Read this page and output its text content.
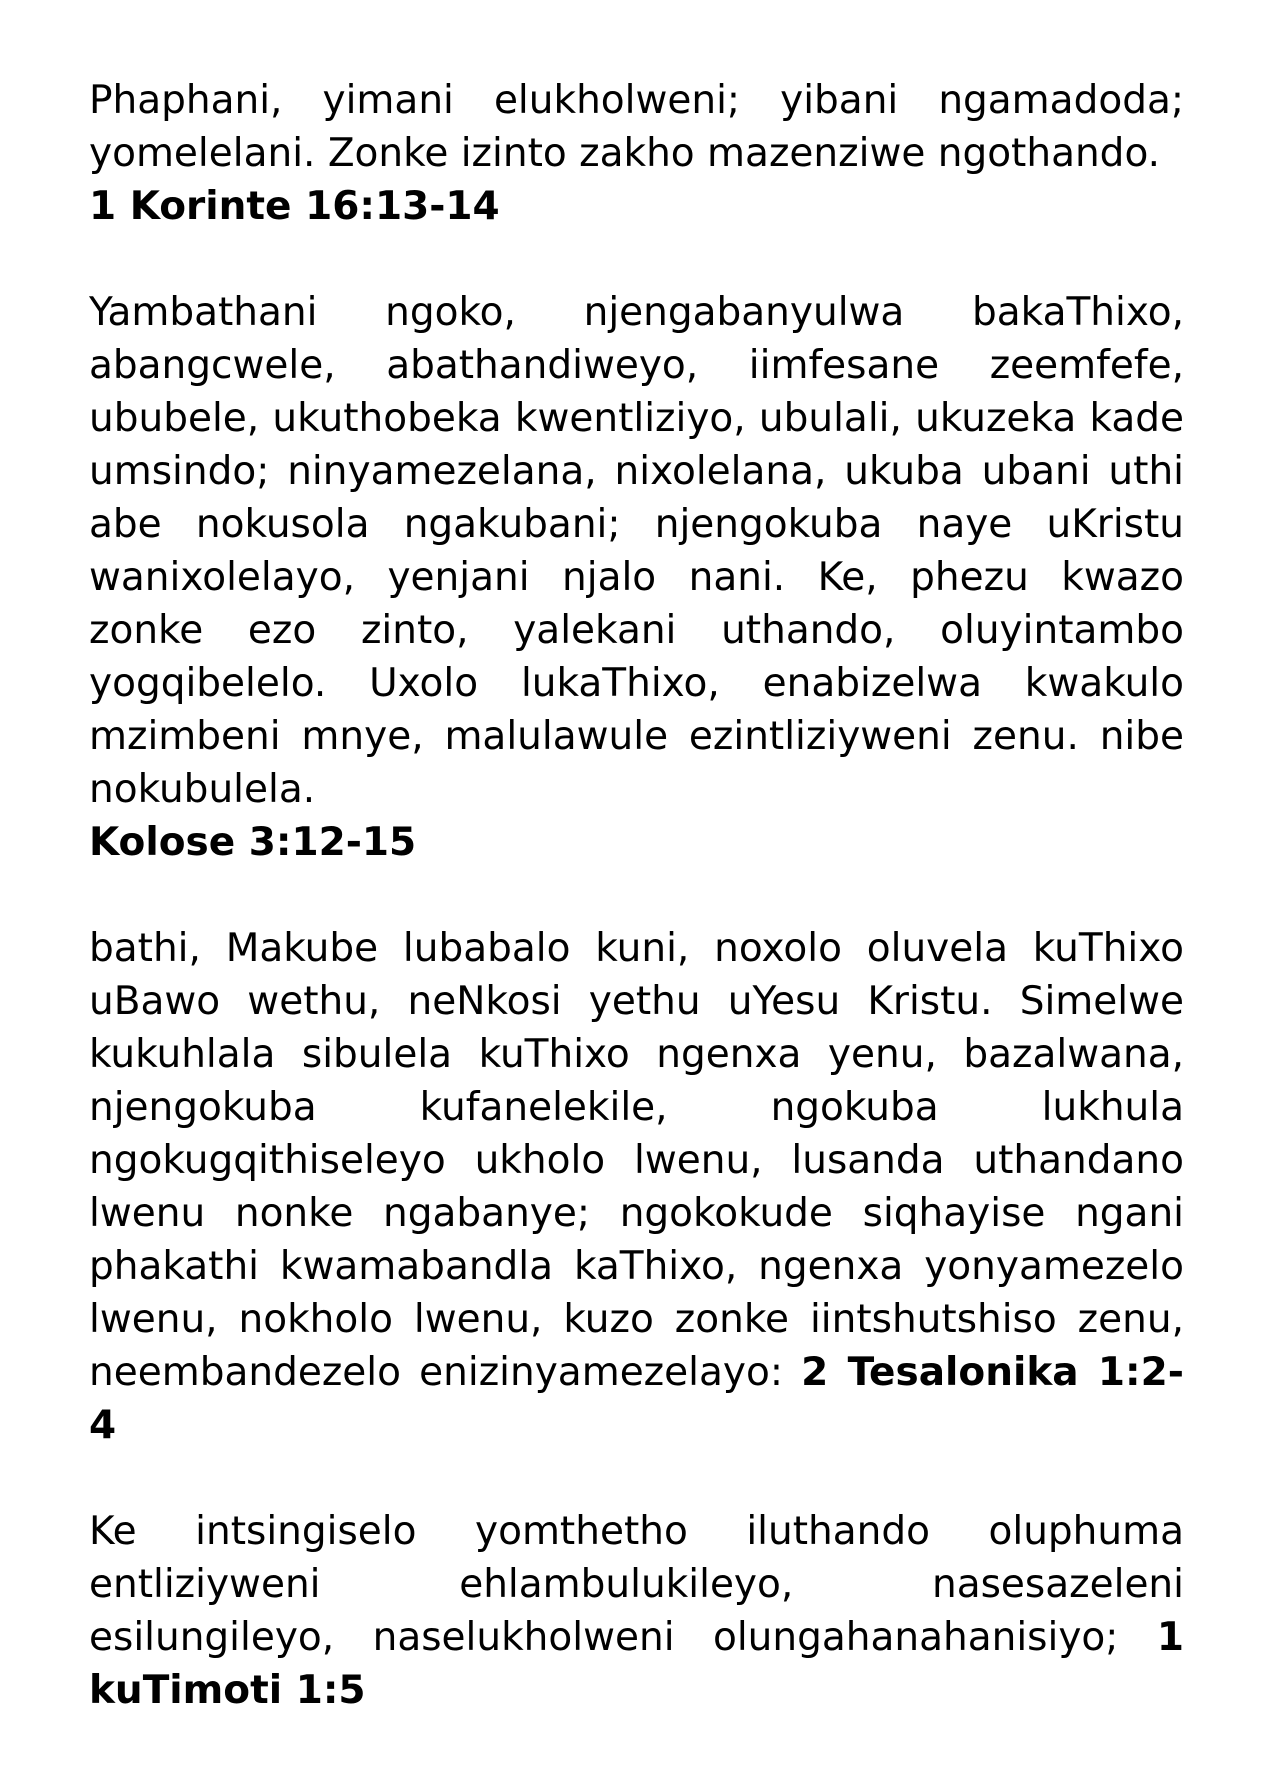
Phaphani, yimani elukholweni; yibani ngamadoda; yomelelani. Zonke izinto zakho mazenziwe ngothando.

1 Korinte 16:13-14

Yambathani ngoko, njengabanyulwa bakaThixo, abangcwele, abathandiweyo, iimfesane zeemfefe, ububele, ukuthobeka kwentliziyo, ubulali, ukuzeka kade umsindo; ninyamezelana, nixolelana, ukuba ubani uthi abe nokusola ngakubani; njengokuba naye uKristu wanixolelayo, yenjani njalo nani. Ke, phezu kwazo zonke ezo zinto, yalekani uthando, oluyintambo yogqibelelo. Uxolo lukaThixo, enabizelwa kwakulo mzimbeni mnye, malulawule ezintliziyweni zenu. nibe nokubulela.

Kolose 3:12-15

bathi, Makube lubabalo kuni, noxolo oluvela kuThixo uBawo wethu, neNkosi yethu uYesu Kristu. Simelwe kukuhlala sibulela kuThixo ngenxa yenu, bazalwana, njengokuba kufanelekile, ngokuba lukhula ngokugqithiseleyo ukholo lwenu, lusanda uthandano lwenu nonke ngabanye; ngokokude siqhayise ngani phakathi kwamabandla kaThixo, ngenxa yonyamezelo lwenu, nokholo lwenu, kuzo zonke iintshutshiso zenu, neembandezelo enizinyamezelayo: 2 Tesalonika 1:2-4

Ke intsingiselo yomthetho iluthando oluphuma entliziyweni ehlambulukileyo, nasesazeleni esilungileyo, naselukholweni olungahanahanisiyo; 1 kuTimoti 1:5
